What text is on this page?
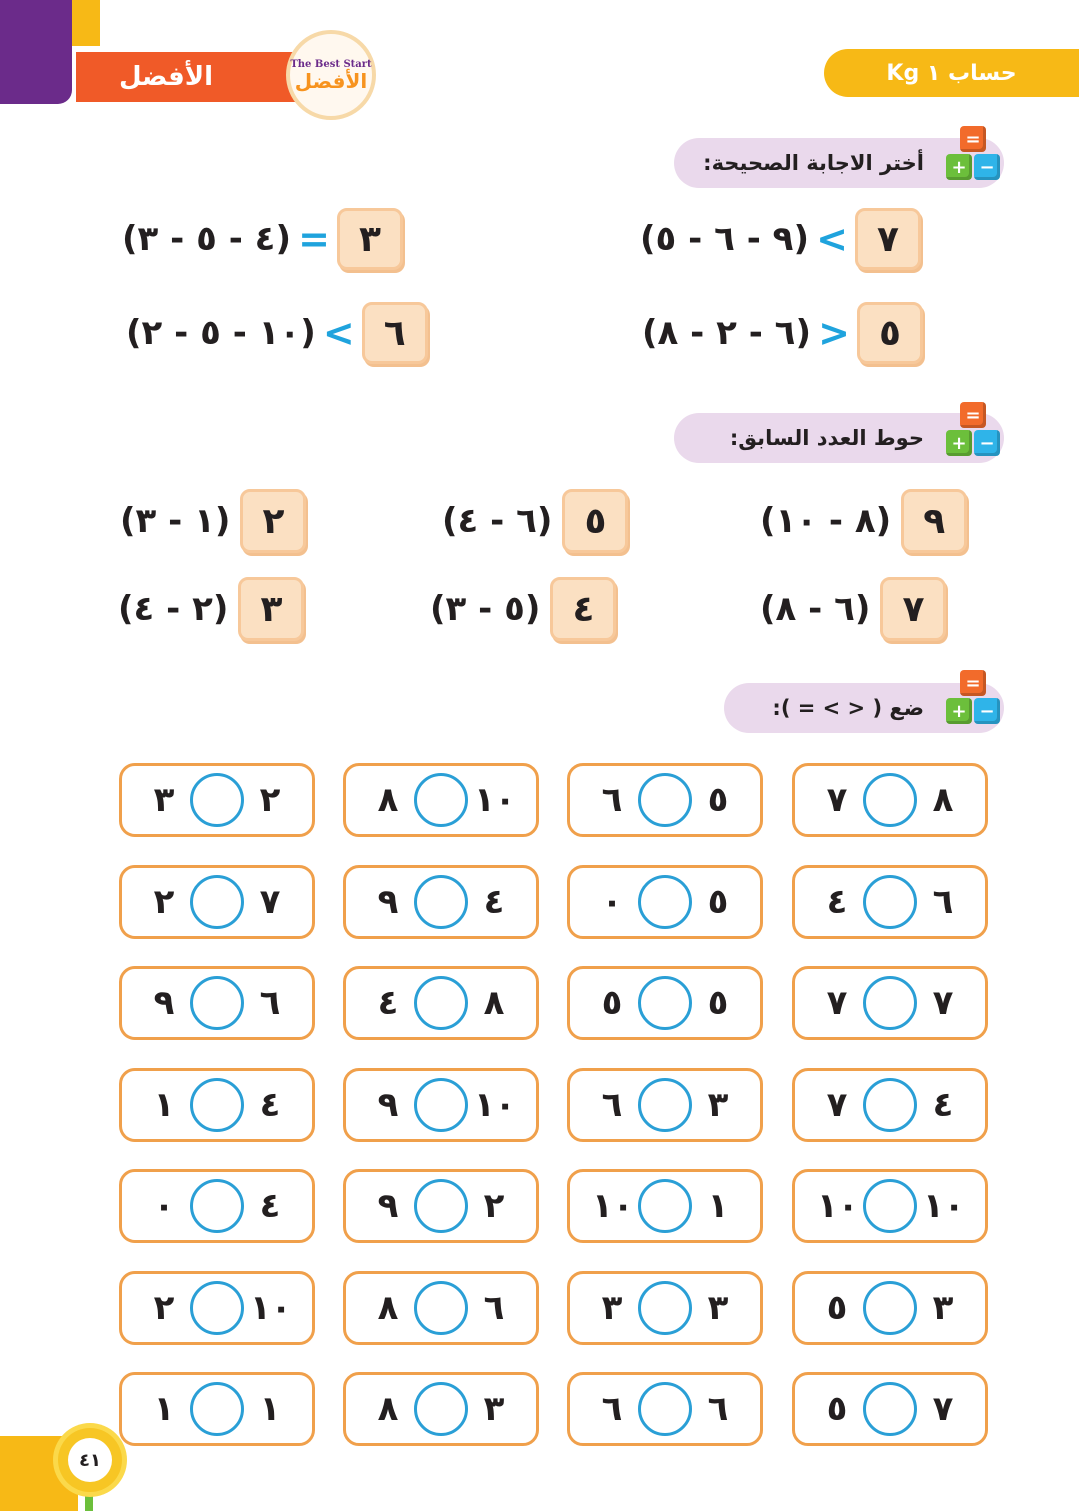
الأفضل	The Best Start
الأفضل	حساب ١ Kg
أختر الاجابة الصحيحة:
=
+ −
٧
>
(٩ - ٦ - ٥)
٣
=
(٤ - ٥ - ٣)
٥
<
(٦ - ٢ - ٨)
٦
>
(١٠ - ٥ - ٢)
حوط العدد السابق:
=
+ −
٩
(٨ - ١٠)
٥
(٦ - ٤)
٢
(١ - ٣)
٧
(٦ - ٨)
٤
(٥ - ٣)
٣
(٢ - ٤)
ضع ( < > = ):
=
+ −
٧	٨
٦	٥
٨ ١٠
٣	٢
٤	٦
٠	٥
٩	٤
٢	٧
٧	٧
٥	٥
٤	٨
٩	٦
٧	٤
٦	٣
٩ ١٠
١	٤
١٠ ١٠
١٠ ١
٩	٢
٠	٤
٥	٣
٣	٣
٨	٦
٢ ١٠
٥	٧
٦	٦
٨	٣
١	١
٤١
